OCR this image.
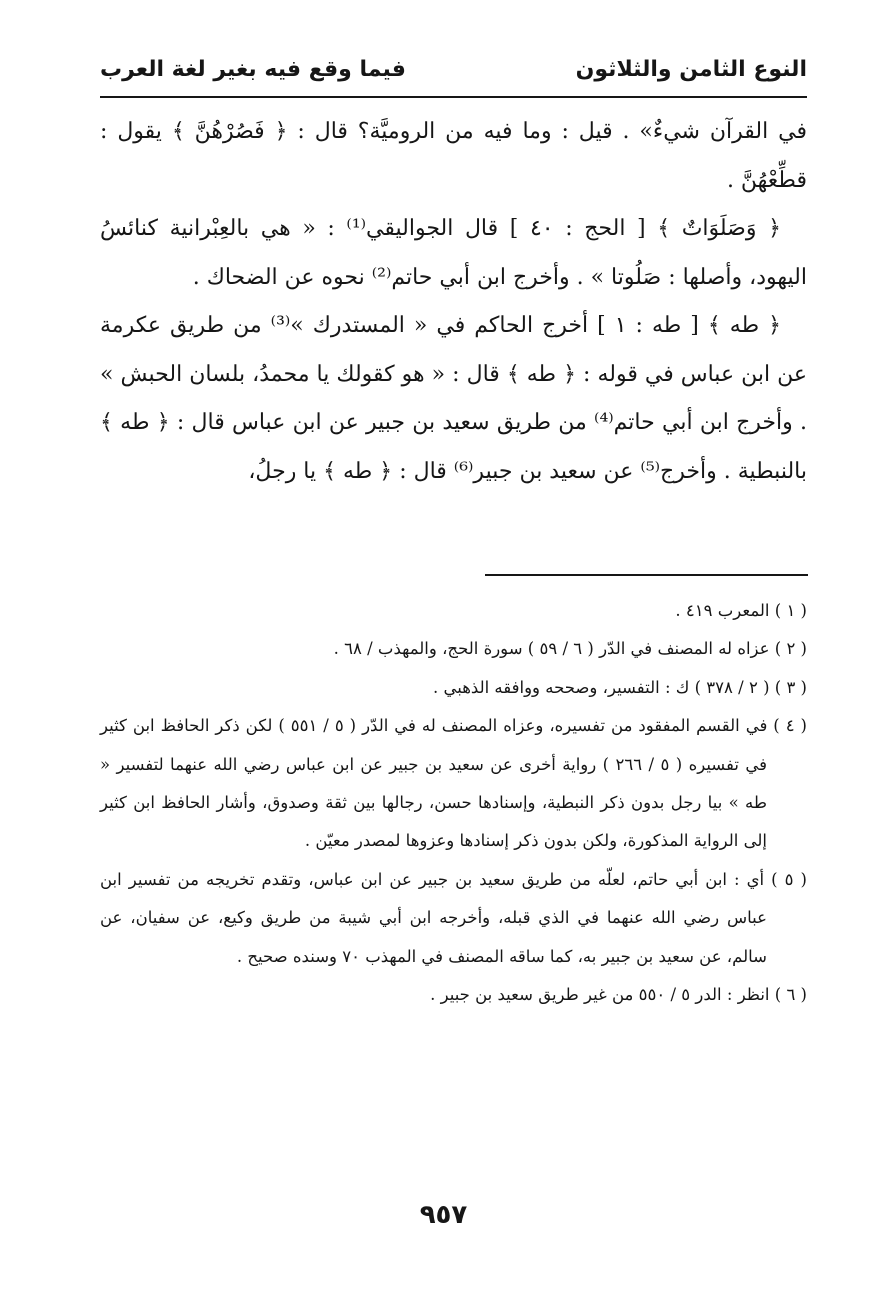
النوع الثامن والثلاثون
فيما وقع فيه بغير لغة العرب

في القرآن شيءٌ» . قيل : وما فيه من الروميَّة؟ قال : ﴿ فَصُرْهُنَّ ﴾ يقول : قطِّعْهُنَّ .

﴿ وَصَلَوَاتٌ ﴾ [ الحج : ٤٠ ] قال الجواليقي⁽¹⁾ : « هي بالعِبْرانية كنائسُ اليهود، وأصلها : صَلُوتا » . وأخرج ابن أبي حاتم⁽²⁾ نحوه عن الضحاك .

﴿ طه ﴾ [ طه : ١ ] أخرج الحاكم في « المستدرك »⁽³⁾ من طريق عكرمة عن ابن عباس في قوله : ﴿ طه ﴾ قال : « هو كقولك يا محمدُ، بلسان الحبش » . وأخرج ابن أبي حاتم⁽⁴⁾ من طريق سعيد بن جبير عن ابن عباس قال : ﴿ طه ﴾ بالنبطية . وأخرج⁽⁵⁾ عن سعيد بن جبير⁽⁶⁾ قال : ﴿ طه ﴾ يا رجلُ،

( ١ ) المعرب ٤١٩ .

( ٢ ) عزاه له المصنف في الدّر ( ٦ / ٥٩ ) سورة الحج، والمهذب / ٦٨ .

( ٣ ) ( ٢ / ٣٧٨ ) ك : التفسير، وصححه ووافقه الذهبي .

( ٤ ) في القسم المفقود من تفسيره، وعزاه المصنف له في الدّر ( ٥ / ٥٥١ ) لكن ذكر الحافظ ابن كثير في تفسيره ( ٥ / ٢٦٦ ) رواية أخرى عن سعيد بن جبير عن ابن عباس رضي الله عنهما لتفسير « طه » بيا رجل بدون ذكر النبطية، وإسنادها حسن، رجالها بين ثقة وصدوق، وأشار الحافظ ابن كثير إلى الرواية المذكورة، ولكن بدون ذكر إسنادها وعزوها لمصدر معيّن .

( ٥ ) أي : ابن أبي حاتم، لعلّه من طريق سعيد بن جبير عن ابن عباس، وتقدم تخريجه من تفسير ابن عباس رضي الله عنهما في الذي قبله، وأخرجه ابن أبي شيبة من طريق وكيع، عن سفيان، عن سالم، عن سعيد بن جبير به، كما ساقه المصنف في المهذب ٧٠ وسنده صحيح .

( ٦ ) انظر : الدر ٥ / ٥٥٠ من غير طريق سعيد بن جبير .

٩٥٧
